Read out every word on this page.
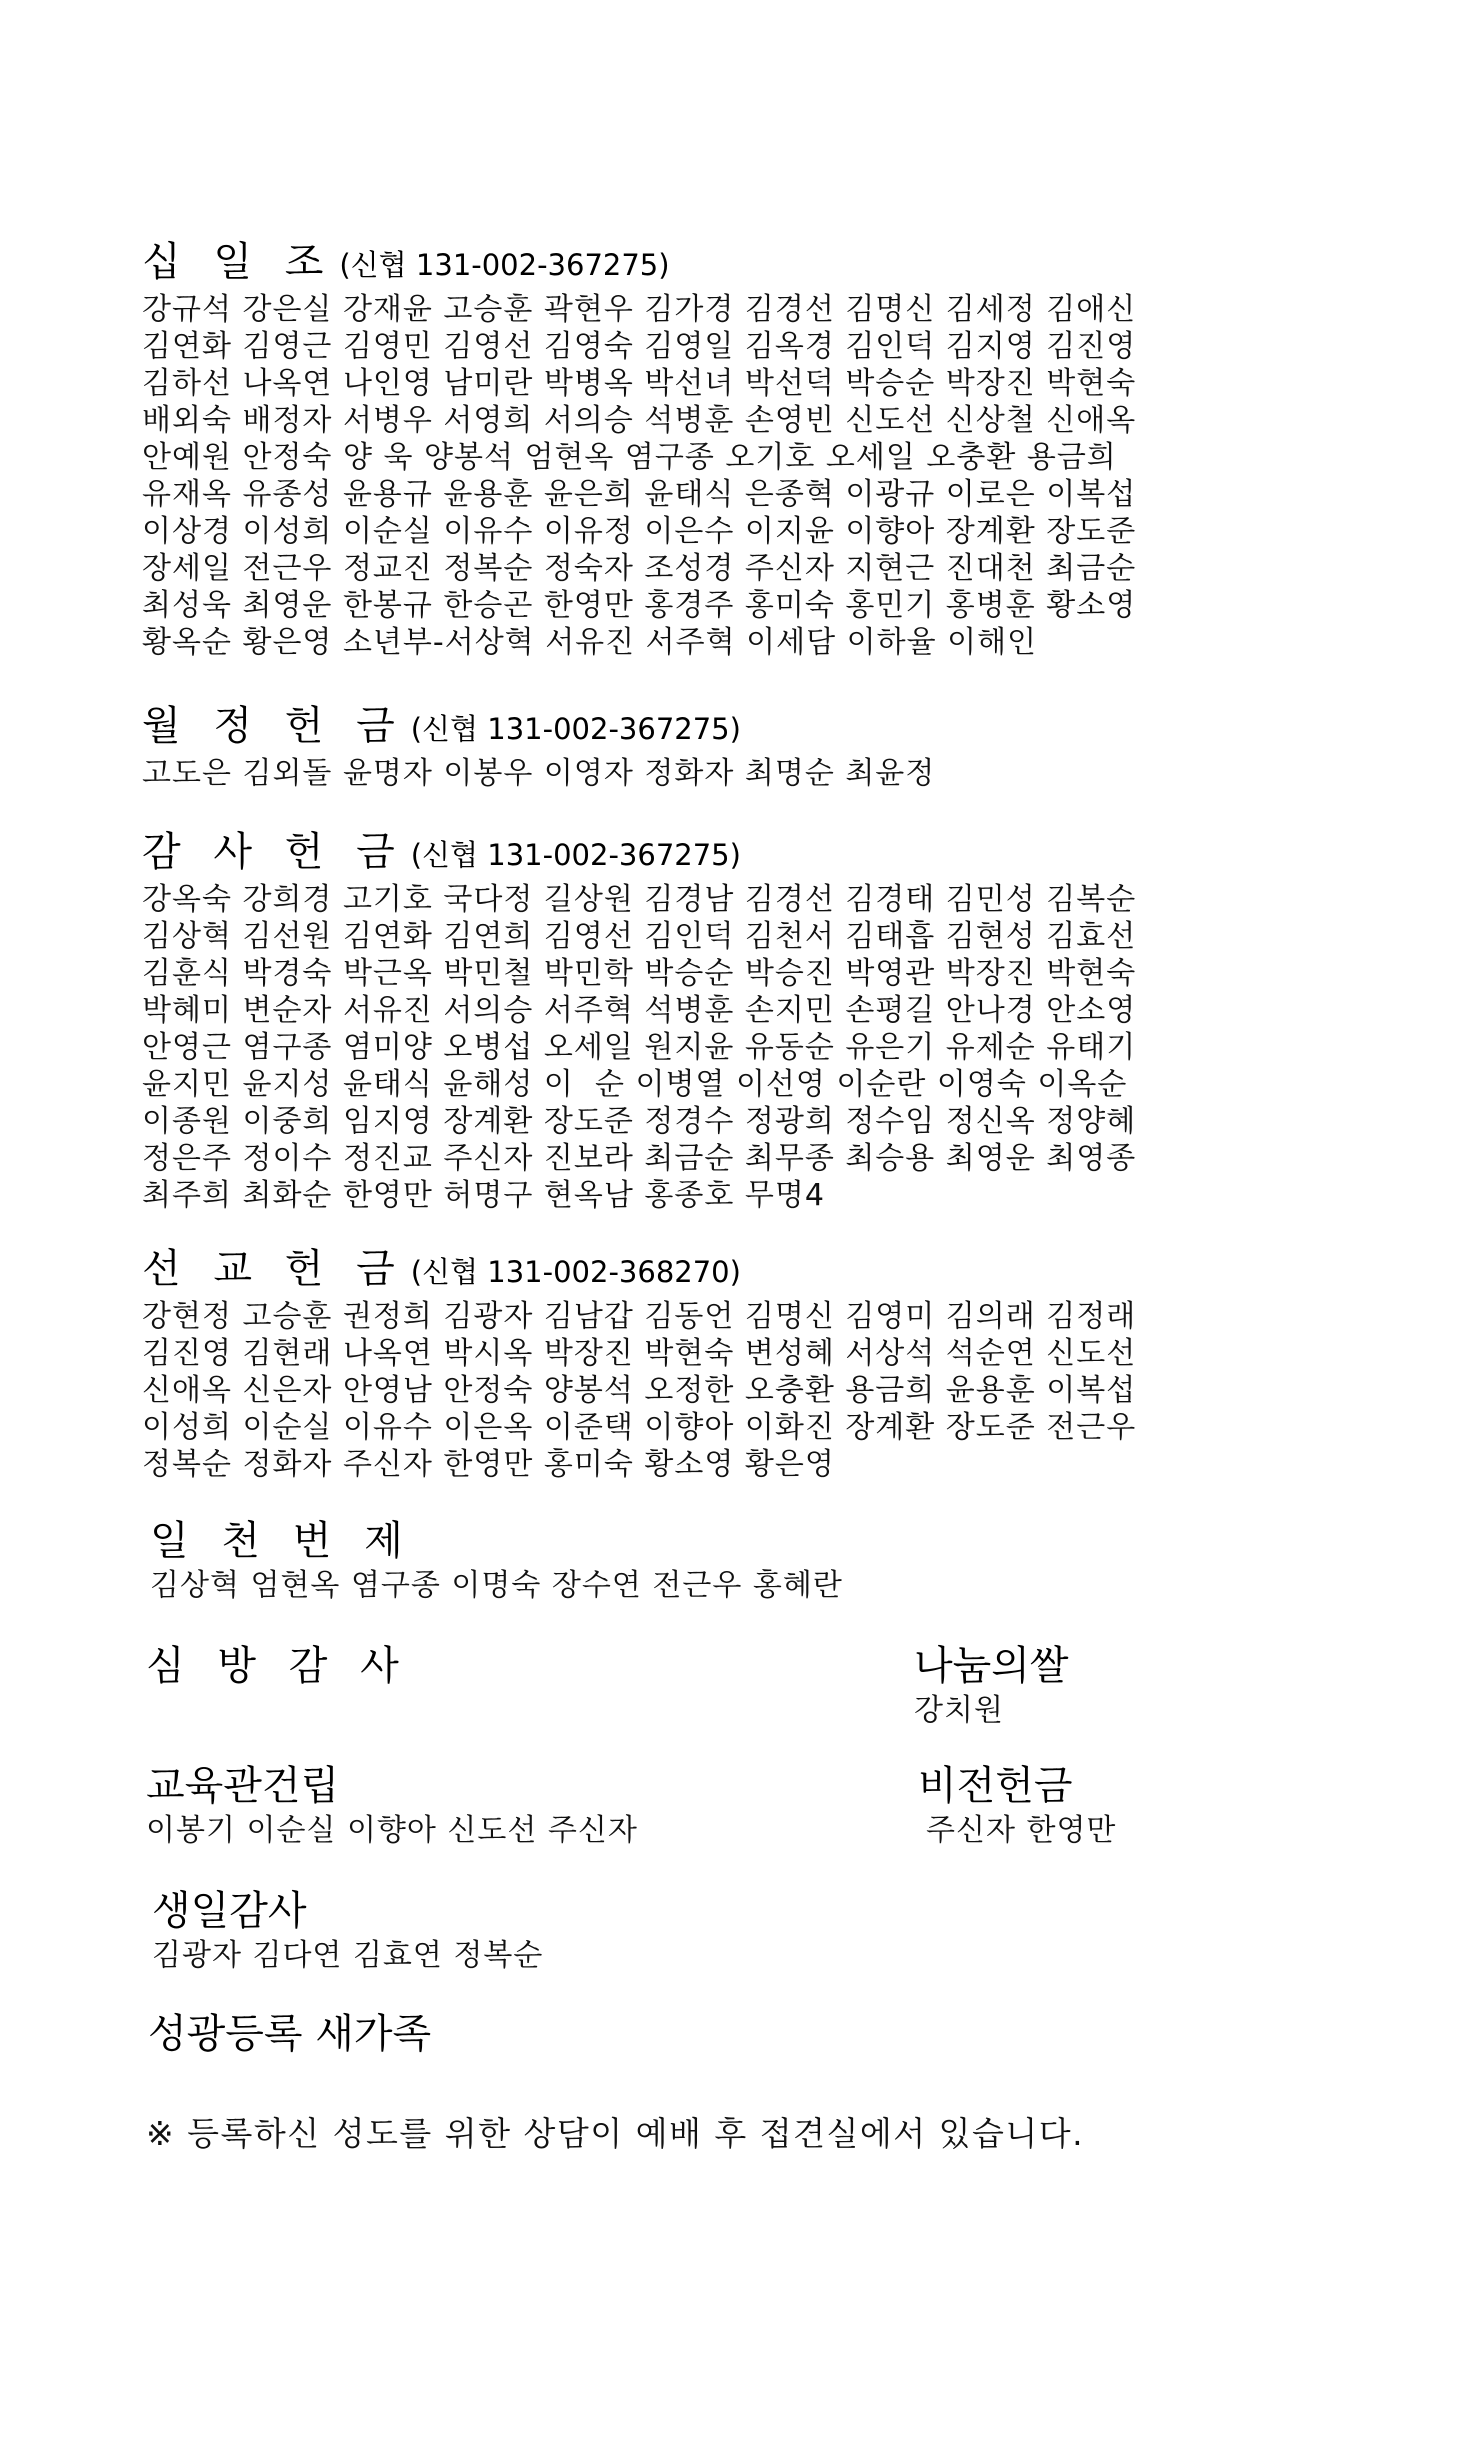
십 일 조 (신협 131-002-367275)
강규석 강은실 강재윤 고승훈 곽현우 김가경 김경선 김명신 김세정 김애신
김연화 김영근 김영민 김영선 김영숙 김영일 김옥경 김인덕 김지영 김진영
김하선 나옥연 나인영 남미란 박병옥 박선녀 박선덕 박승순 박장진 박현숙
배외숙 배정자 서병우 서영희 서의승 석병훈 손영빈 신도선 신상철 신애옥
안예원 안정숙 양 욱 양봉석 엄현옥 염구종 오기호 오세일 오충환 용금희
유재옥 유종성 윤용규 윤용훈 윤은희 윤태식 은종혁 이광규 이로은 이복섭
이상경 이성희 이순실 이유수 이유정 이은수 이지윤 이향아 장계환 장도준
장세일 전근우 정교진 정복순 정숙자 조성경 주신자 지현근 진대천 최금순
최성욱 최영운 한봉규 한승곤 한영만 홍경주 홍미숙 홍민기 홍병훈 황소영
황옥순 황은영 소년부-서상혁 서유진 서주혁 이세담 이하율 이해인
월 정 헌 금 (신협 131-002-367275)
고도은 김외돌 윤명자 이봉우 이영자 정화자 최명순 최윤정
감 사 헌 금 (신협 131-002-367275)
강옥숙 강희경 고기호 국다정 길상원 김경남 김경선 김경태 김민성 김복순
김상혁 김선원 김연화 김연희 김영선 김인덕 김천서 김태흡 김현성 김효선
김훈식 박경숙 박근옥 박민철 박민학 박승순 박승진 박영관 박장진 박현숙
박혜미 변순자 서유진 서의승 서주혁 석병훈 손지민 손평길 안나경 안소영
안영근 염구종 염미양 오병섭 오세일 원지윤 유동순 유은기 유제순 유태기
윤지민 윤지성 윤태식 윤해성 이  순 이병열 이선영 이순란 이영숙 이옥순
이종원 이중희 임지영 장계환 장도준 정경수 정광희 정수임 정신옥 정양혜
정은주 정이수 정진교 주신자 진보라 최금순 최무종 최승용 최영운 최영종
최주희 최화순 한영만 허명구 현옥남 홍종호 무명4
선 교 헌 금 (신협 131-002-368270)
강현정 고승훈 권정희 김광자 김남갑 김동언 김명신 김영미 김의래 김정래
김진영 김현래 나옥연 박시옥 박장진 박현숙 변성혜 서상석 석순연 신도선
신애옥 신은자 안영남 안정숙 양봉석 오정한 오충환 용금희 윤용훈 이복섭
이성희 이순실 이유수 이은옥 이준택 이향아 이화진 장계환 장도준 전근우
정복순 정화자 주신자 한영만 홍미숙 황소영 황은영
일 천 번 제
김상혁 엄현옥 염구종 이명숙 장수연 전근우 홍혜란
심 방 감 사	나눔의쌀
강치원
교육관건립
이봉기 이순실 이향아 신도선 주신자
비전헌금
주신자 한영만
생일감사
김광자 김다연 김효연 정복순
성광등록 새가족
※ 등록하신 성도를 위한 상담이 예배 후 접견실에서 있습니다.
